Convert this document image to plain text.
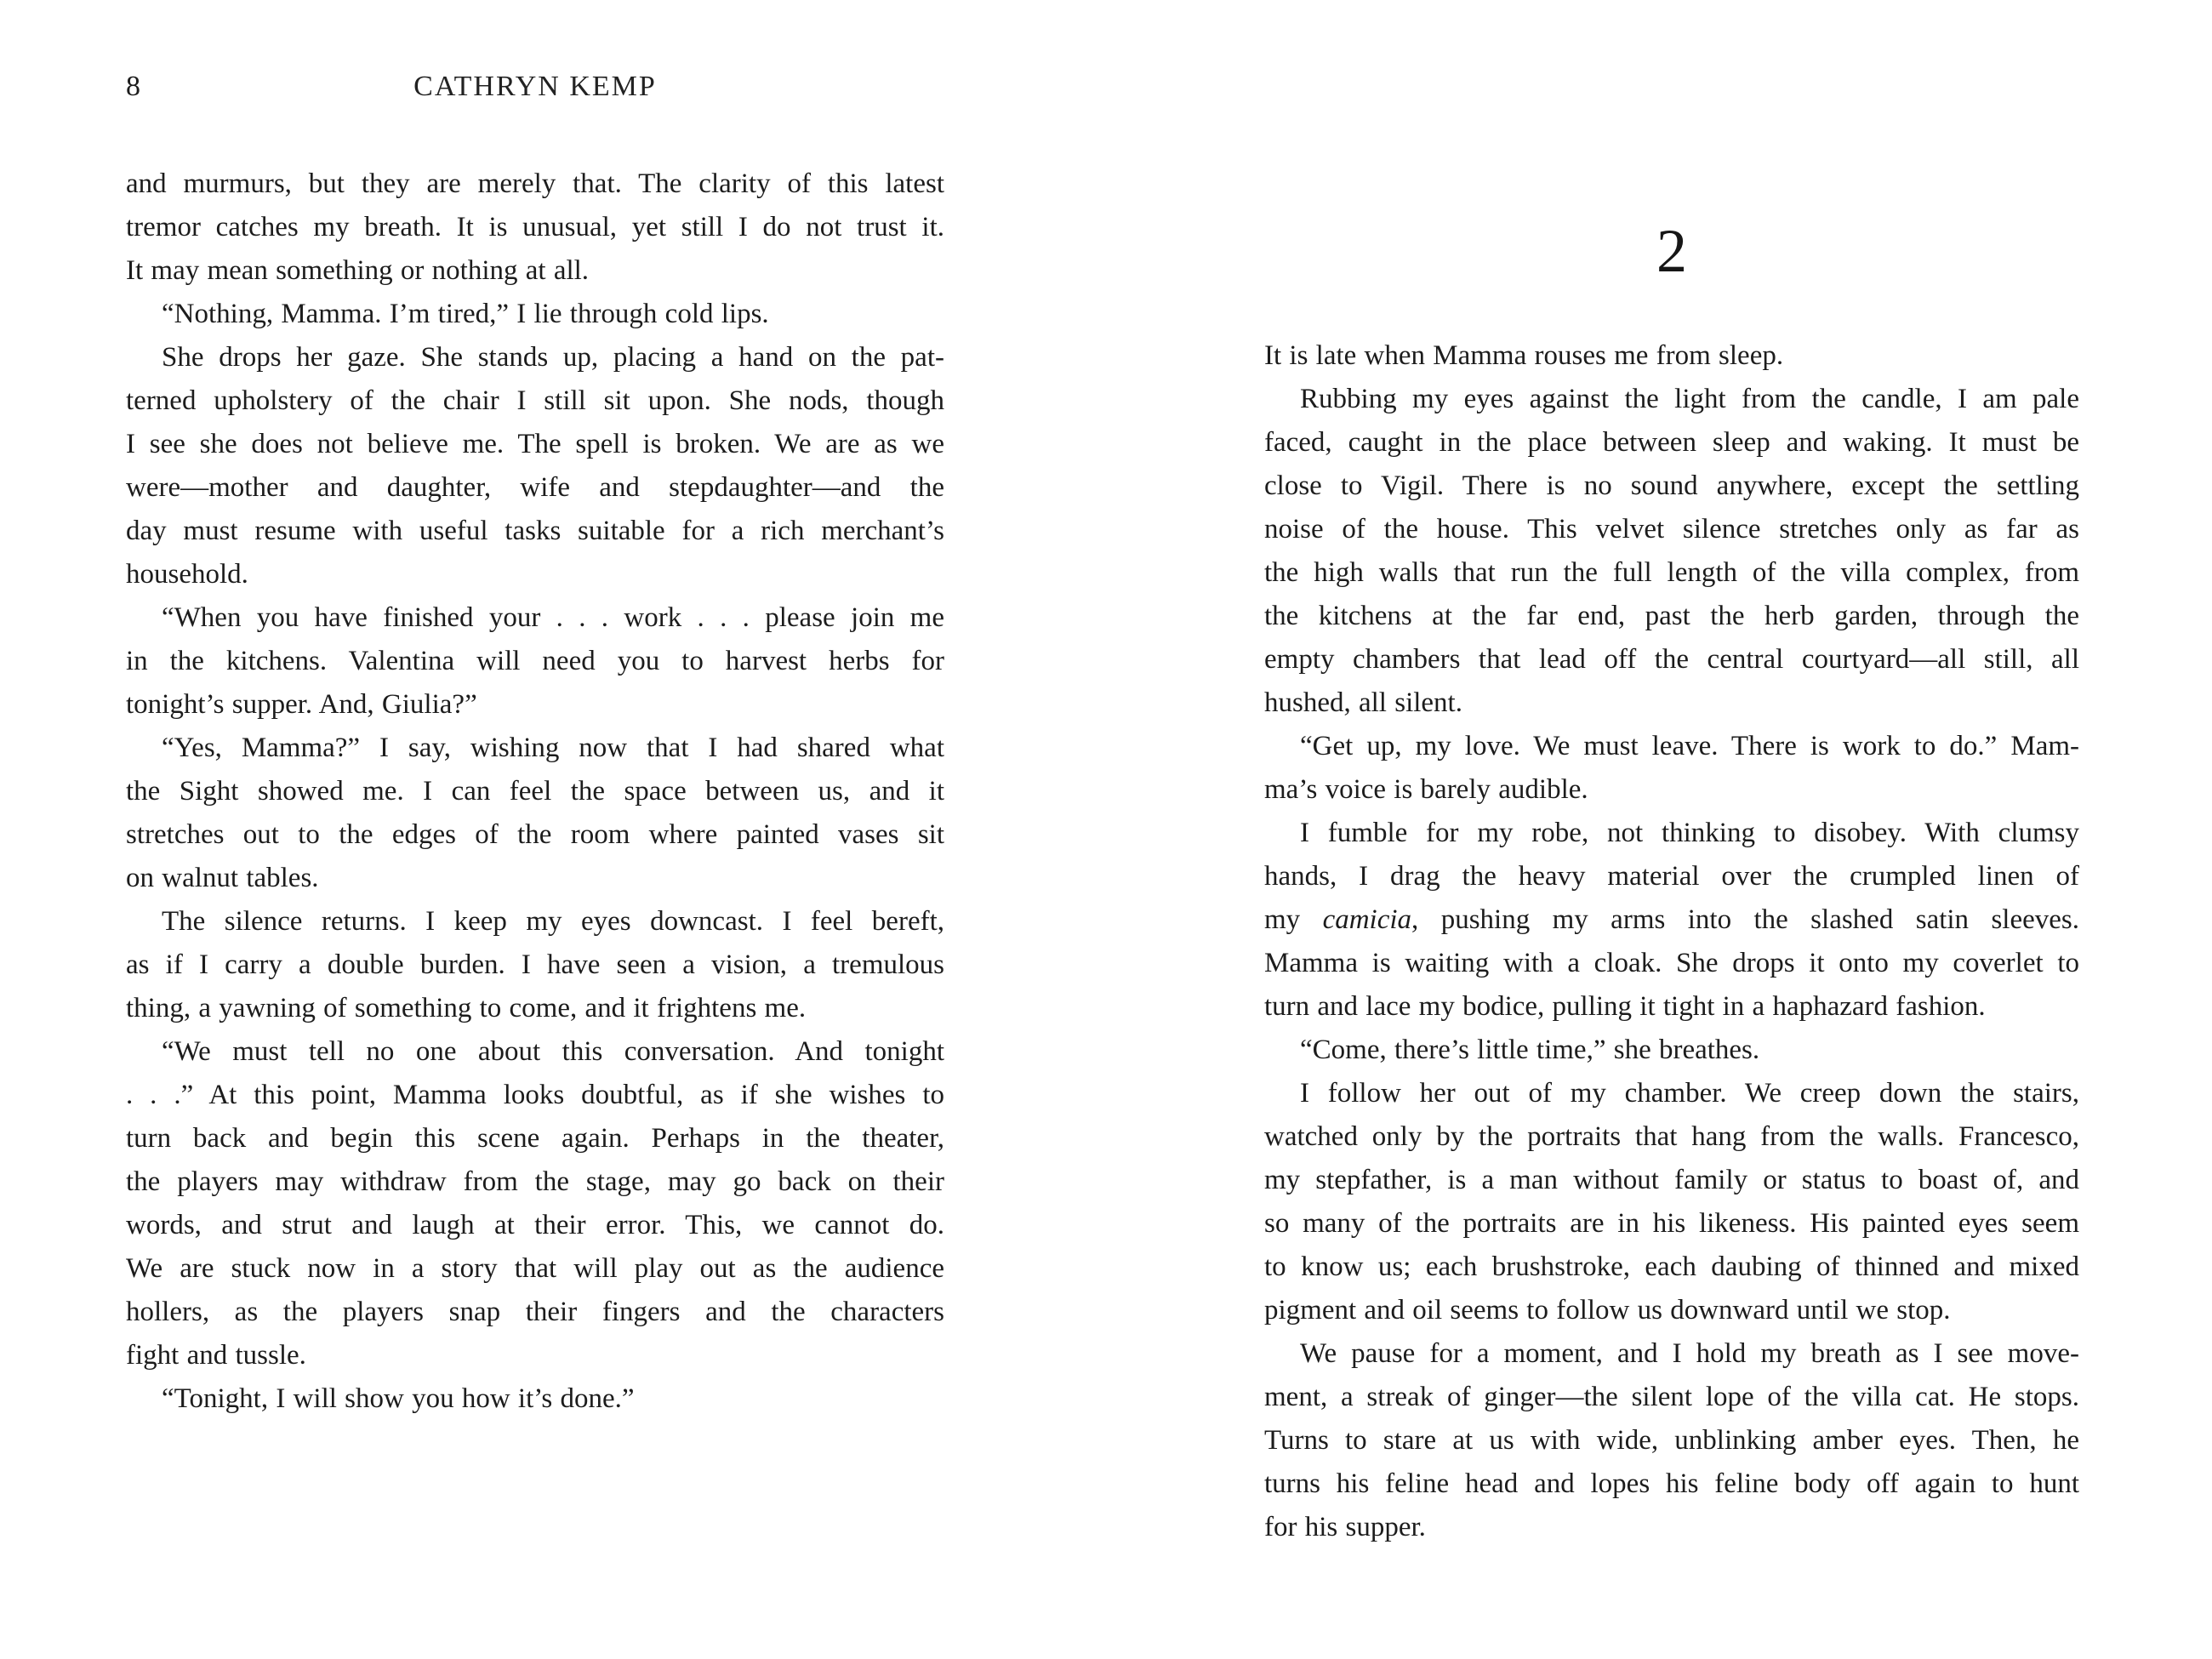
8	CATHRYN KEMP
and murmurs, but they are merely that. The clarity of this latest
tremor catches my breath. It is unusual, yet still I do not trust it.
It may mean something or nothing at all.
“Nothing, Mamma. I’m tired,” I lie through cold lips.
She drops her gaze. She stands up, placing a hand on the pat-
terned upholstery of the chair I still sit upon. She nods, though
I see she does not believe me. The spell is broken. We are as we
were—mother and daughter, wife and stepdaughter—and the
day must resume with useful tasks suitable for a rich merchant’s
household.
“When you have finished your . . . work . . . please join me
in the kitchens. Valentina will need you to harvest herbs for
tonight’s supper. And, Giulia?”
“Yes, Mamma?” I say, wishing now that I had shared what
the Sight showed me. I can feel the space between us, and it
stretches out to the edges of the room where painted vases sit
on walnut tables.
The silence returns. I keep my eyes downcast. I feel bereft,
as if I carry a double burden. I have seen a vision, a tremulous
thing, a yawning of something to come, and it frightens me.
“We must tell no one about this conversation. And tonight
. . .” At this point, Mamma looks doubtful, as if she wishes to
turn back and begin this scene again. Perhaps in the theater,
the players may withdraw from the stage, may go back on their
words, and strut and laugh at their error. This, we cannot do.
We are stuck now in a story that will play out as the audience
hollers, as the players snap their fingers and the characters
fight and tussle.
“Tonight, I will show you how it’s done.”
2
It is late when Mamma rouses me from sleep.
Rubbing my eyes against the light from the candle, I am pale
faced, caught in the place between sleep and waking. It must be
close to Vigil. There is no sound anywhere, except the settling
noise of the house. This velvet silence stretches only as far as
the high walls that run the full length of the villa complex, from
the kitchens at the far end, past the herb garden, through the
empty chambers that lead off the central courtyard—all still, all
hushed, all silent.
“Get up, my love. We must leave. There is work to do.” Mam-
ma’s voice is barely audible.
I fumble for my robe, not thinking to disobey. With clumsy
hands, I drag the heavy material over the crumpled linen of
my camicia, pushing my arms into the slashed satin sleeves.
Mamma is waiting with a cloak. She drops it onto my coverlet to
turn and lace my bodice, pulling it tight in a haphazard fashion.
“Come, there’s little time,” she breathes.
I follow her out of my chamber. We creep down the stairs,
watched only by the portraits that hang from the walls. Francesco,
my stepfather, is a man without family or status to boast of, and
so many of the portraits are in his likeness. His painted eyes seem
to know us; each brushstroke, each daubing of thinned and mixed
pigment and oil seems to follow us downward until we stop.
We pause for a moment, and I hold my breath as I see move-
ment, a streak of ginger—the silent lope of the villa cat. He stops.
Turns to stare at us with wide, unblinking amber eyes. Then, he
turns his feline head and lopes his feline body off again to hunt
for his supper.
